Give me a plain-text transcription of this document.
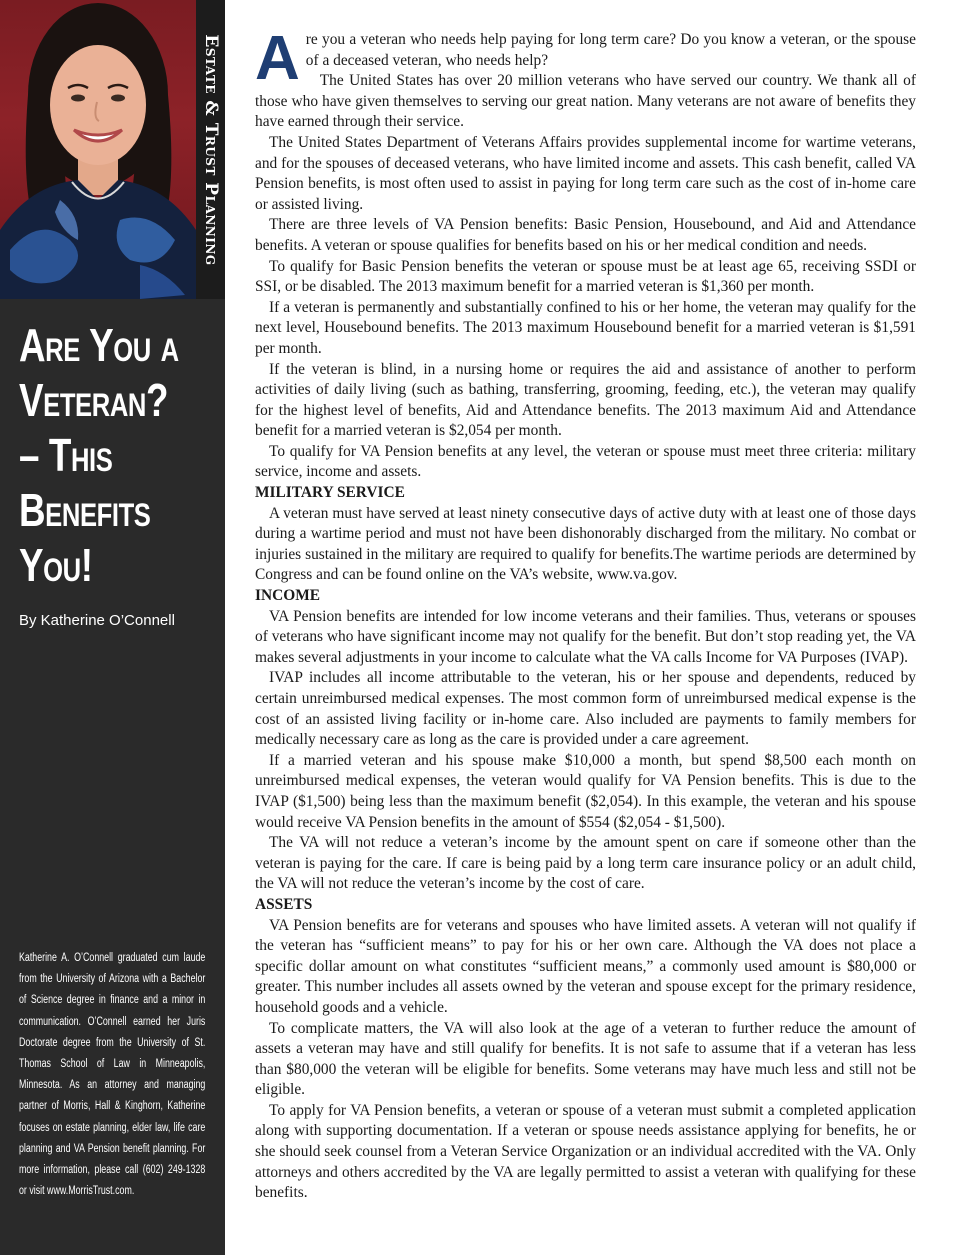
Estate & Trust Planning
Are You a
Veteran?
– This
Benefits
You!
By Katherine O’Connell
Katherine A. O’Connell graduated cum laude from the University of Arizona with a Bachelor of Science degree in finance and a minor in communication. O’Connell earned her Juris Doctorate degree from the University of St. Thomas School of Law in Minneapolis, Minnesota. As an attorney and managing partner of Morris, Hall & Kinghorn, Katherine focuses on estate planning, elder law, life care planning and VA Pension benefit planning. For more information, please call (602) 249-1328 or visit www.MorrisTrust.com.

Are you a veteran who needs help paying for long term care? Do you know a veteran, or the spouse of a deceased veteran, who needs help?

The United States has over 20 million veterans who have served our country. We thank all of those who have given themselves to serving our great nation. Many veterans are not aware of benefits they have earned through their service.

The United States Department of Veterans Affairs provides supplemental income for wartime veterans, and for the spouses of deceased veterans, who have limited income and assets. This cash benefit, called VA Pension benefits, is most often used to assist in paying for long term care such as the cost of in-home care or assisted living.

There are three levels of VA Pension benefits: Basic Pension, Housebound, and Aid and Attendance benefits. A veteran or spouse qualifies for benefits based on his or her medical condition and needs.

To qualify for Basic Pension benefits the veteran or spouse must be at least age 65, receiving SSDI or SSI, or be disabled. The 2013 maximum benefit for a married veteran is $1,360 per month.

If a veteran is permanently and substantially confined to his or her home, the veteran may qualify for the next level, Housebound benefits. The 2013 maximum Housebound benefit for a married veteran is $1,591 per month.

If the veteran is blind, in a nursing home or requires the aid and assistance of another to perform activities of daily living (such as bathing, transferring, grooming, feeding, etc.), the veteran may qualify for the highest level of benefits, Aid and Attendance benefits. The 2013 maximum Aid and Attendance benefit for a married veteran is $2,054 per month.

To qualify for VA Pension benefits at any level, the veteran or spouse must meet three criteria: military service, income and assets.

MILITARY SERVICE

A veteran must have served at least ninety consecutive days of active duty with at least one of those days during a wartime period and must not have been dishonorably discharged from the military. No combat or injuries sustained in the military are required to qualify for benefits.The wartime periods are determined by Congress and can be found online on the VA’s website, www.va.gov.

INCOME

VA Pension benefits are intended for low income veterans and their families. Thus, veterans or spouses of veterans who have significant income may not qualify for the benefit. But don’t stop reading yet, the VA makes several adjustments in your income to calculate what the VA calls Income for VA Purposes (IVAP).

IVAP includes all income attributable to the veteran, his or her spouse and dependents, reduced by certain unreimbursed medical expenses. The most common form of unreimbursed medical expense is the cost of an assisted living facility or in-home care. Also included are payments to family members for medically necessary care as long as the care is provided under a care agreement.

If a married veteran and his spouse make $10,000 a month, but spend $8,500 each month on unreimbursed medical expenses, the veteran would qualify for VA Pension benefits. This is due to the IVAP ($1,500) being less than the maximum benefit ($2,054). In this example, the veteran and his spouse would receive VA Pension benefits in the amount of $554 ($2,054 - $1,500).

The VA will not reduce a veteran’s income by the amount spent on care if someone other than the veteran is paying for the care. If care is being paid by a long term care insurance policy or an adult child, the VA will not reduce the veteran’s income by the cost of care.

ASSETS

VA Pension benefits are for veterans and spouses who have limited assets. A veteran will not qualify if the veteran has “sufficient means” to pay for his or her own care. Although the VA does not place a specific dollar amount on what constitutes “sufficient means,” a commonly used amount is $80,000 or greater. This number includes all assets owned by the veteran and spouse except for the primary residence, household goods and a vehicle.

To complicate matters, the VA will also look at the age of a veteran to further reduce the amount of assets a veteran may have and still qualify for benefits. It is not safe to assume that if a veteran has less than $80,000 the veteran will be eligible for benefits. Some veterans may have much less and still not be eligible.

To apply for VA Pension benefits, a veteran or spouse of a veteran must submit a completed application along with supporting documentation. If a veteran or spouse needs assistance applying for benefits, he or she should seek counsel from a Veteran Service Organization or an individual accredited with the VA. Only attorneys and others accredited by the VA are legally permitted to assist a veteran with qualifying for these benefits.
